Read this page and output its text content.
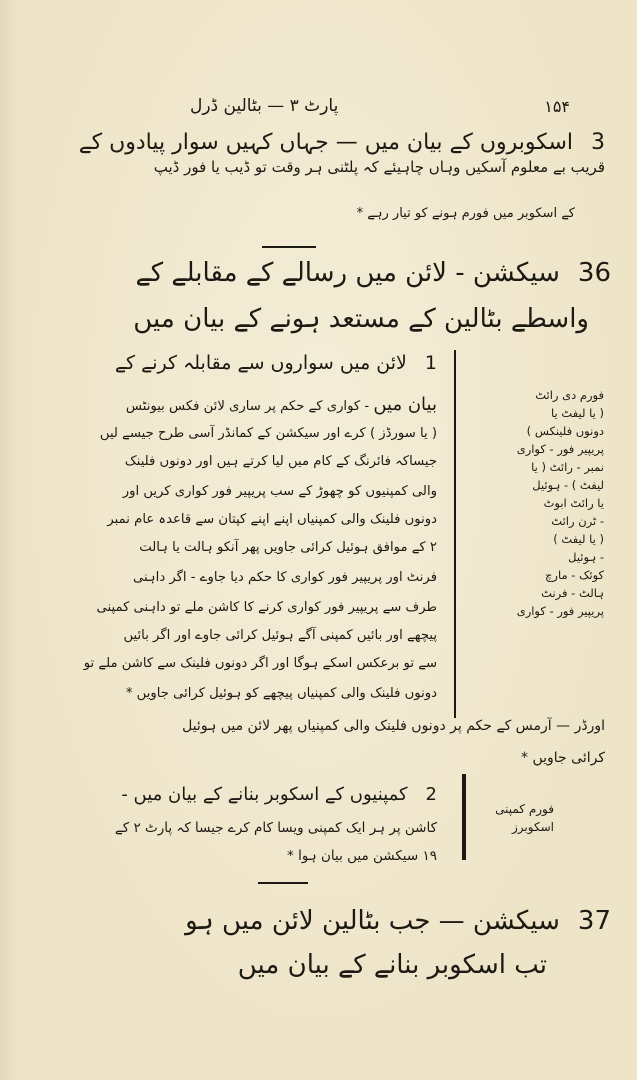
پارٹ ۳ — بٹالین ڈرل	۱۵۴
3اسکوبروں کے بیان میں — جہاں کہیں سوار پیادوں کے
قریب بے معلوم آسکیں وہاں چاہیئے کہ پلٹنی ہر وقت تو ڈیب یا فور ڈیپ
کے اسکوبر میں فورم ہونے کو تیار رہے *
36سیکشن - لائن میں رسالے کے مقابلے کے
واسطے بٹالین کے مستعد ہونے کے بیان میں
1لائن میں سواروں سے مقابلہ کرنے کے
بیان میں - کواری کے حکم پر ساری لائن فکس بیونٹس
( یا سورڈز ) کرے اور سیکشن کے کمانڈر آسی طرح جیسے لیں
جیساکہ فائرنگ کے کام میں لیا کرتے ہیں اور دونوں فلینک
والی کمپنیوں کو چھوڑ کے سب پریپیر فور کواری کریں اور
دونوں فلینک والی کمپنیاں اپنے اپنے کپتان سے قاعدہ عام نمبر
۲ کے موافق ہوئیل کرائی جاویں پھر آنکو ہالت یا ہالت
فرنٹ اور پریپیر فور کواری کا حکم دیا جاوے - اگر داہنی
طرف سے پریپیر فور کواری کرنے کا کاشن ملے تو داہنی کمپنی
پیچھے اور بائیں کمپنی آگے ہوئیل کرائی جاوے اور اگر بائیں
سے تو برعکس اسکے ہوگا اور اگر دونوں فلینک سے کاشن ملے تو
دونوں فلینک والی کمپنیاں پیچھے کو ہوئیل کرائی جاویں *
فورم دی رائٹ
( یا لیفٹ یا
دونوں فلینکس )
پریپیر فور - کواری
نمبر - رائٹ ( یا
لیفٹ ) - ہوئیل
یا رائٹ ابوٹ
- ٹرن رائٹ
( یا لیفٹ )
- ہوئیل
کوئک - مارچ
ہالٹ - فرنٹ
پریپیر فور - کواری
اورڈر — آرمس کے حکم پر دونوں فلینک والی کمپنیاں پھر لائن میں ہوئیل
کرائی جاویں *
2کمپنیوں کے اسکوبر بنانے کے بیان میں -
کاشن پر ہر ایک کمپنی ویسا کام کرے جیسا کہ پارٹ ۲ کے
۱۹ سیکشن میں بیان ہوا *
فورم کمپنی
اسکوبرز
37سیکشن — جب بٹالین لائن میں ہو
تب اسکوبر بنانے کے بیان میں
